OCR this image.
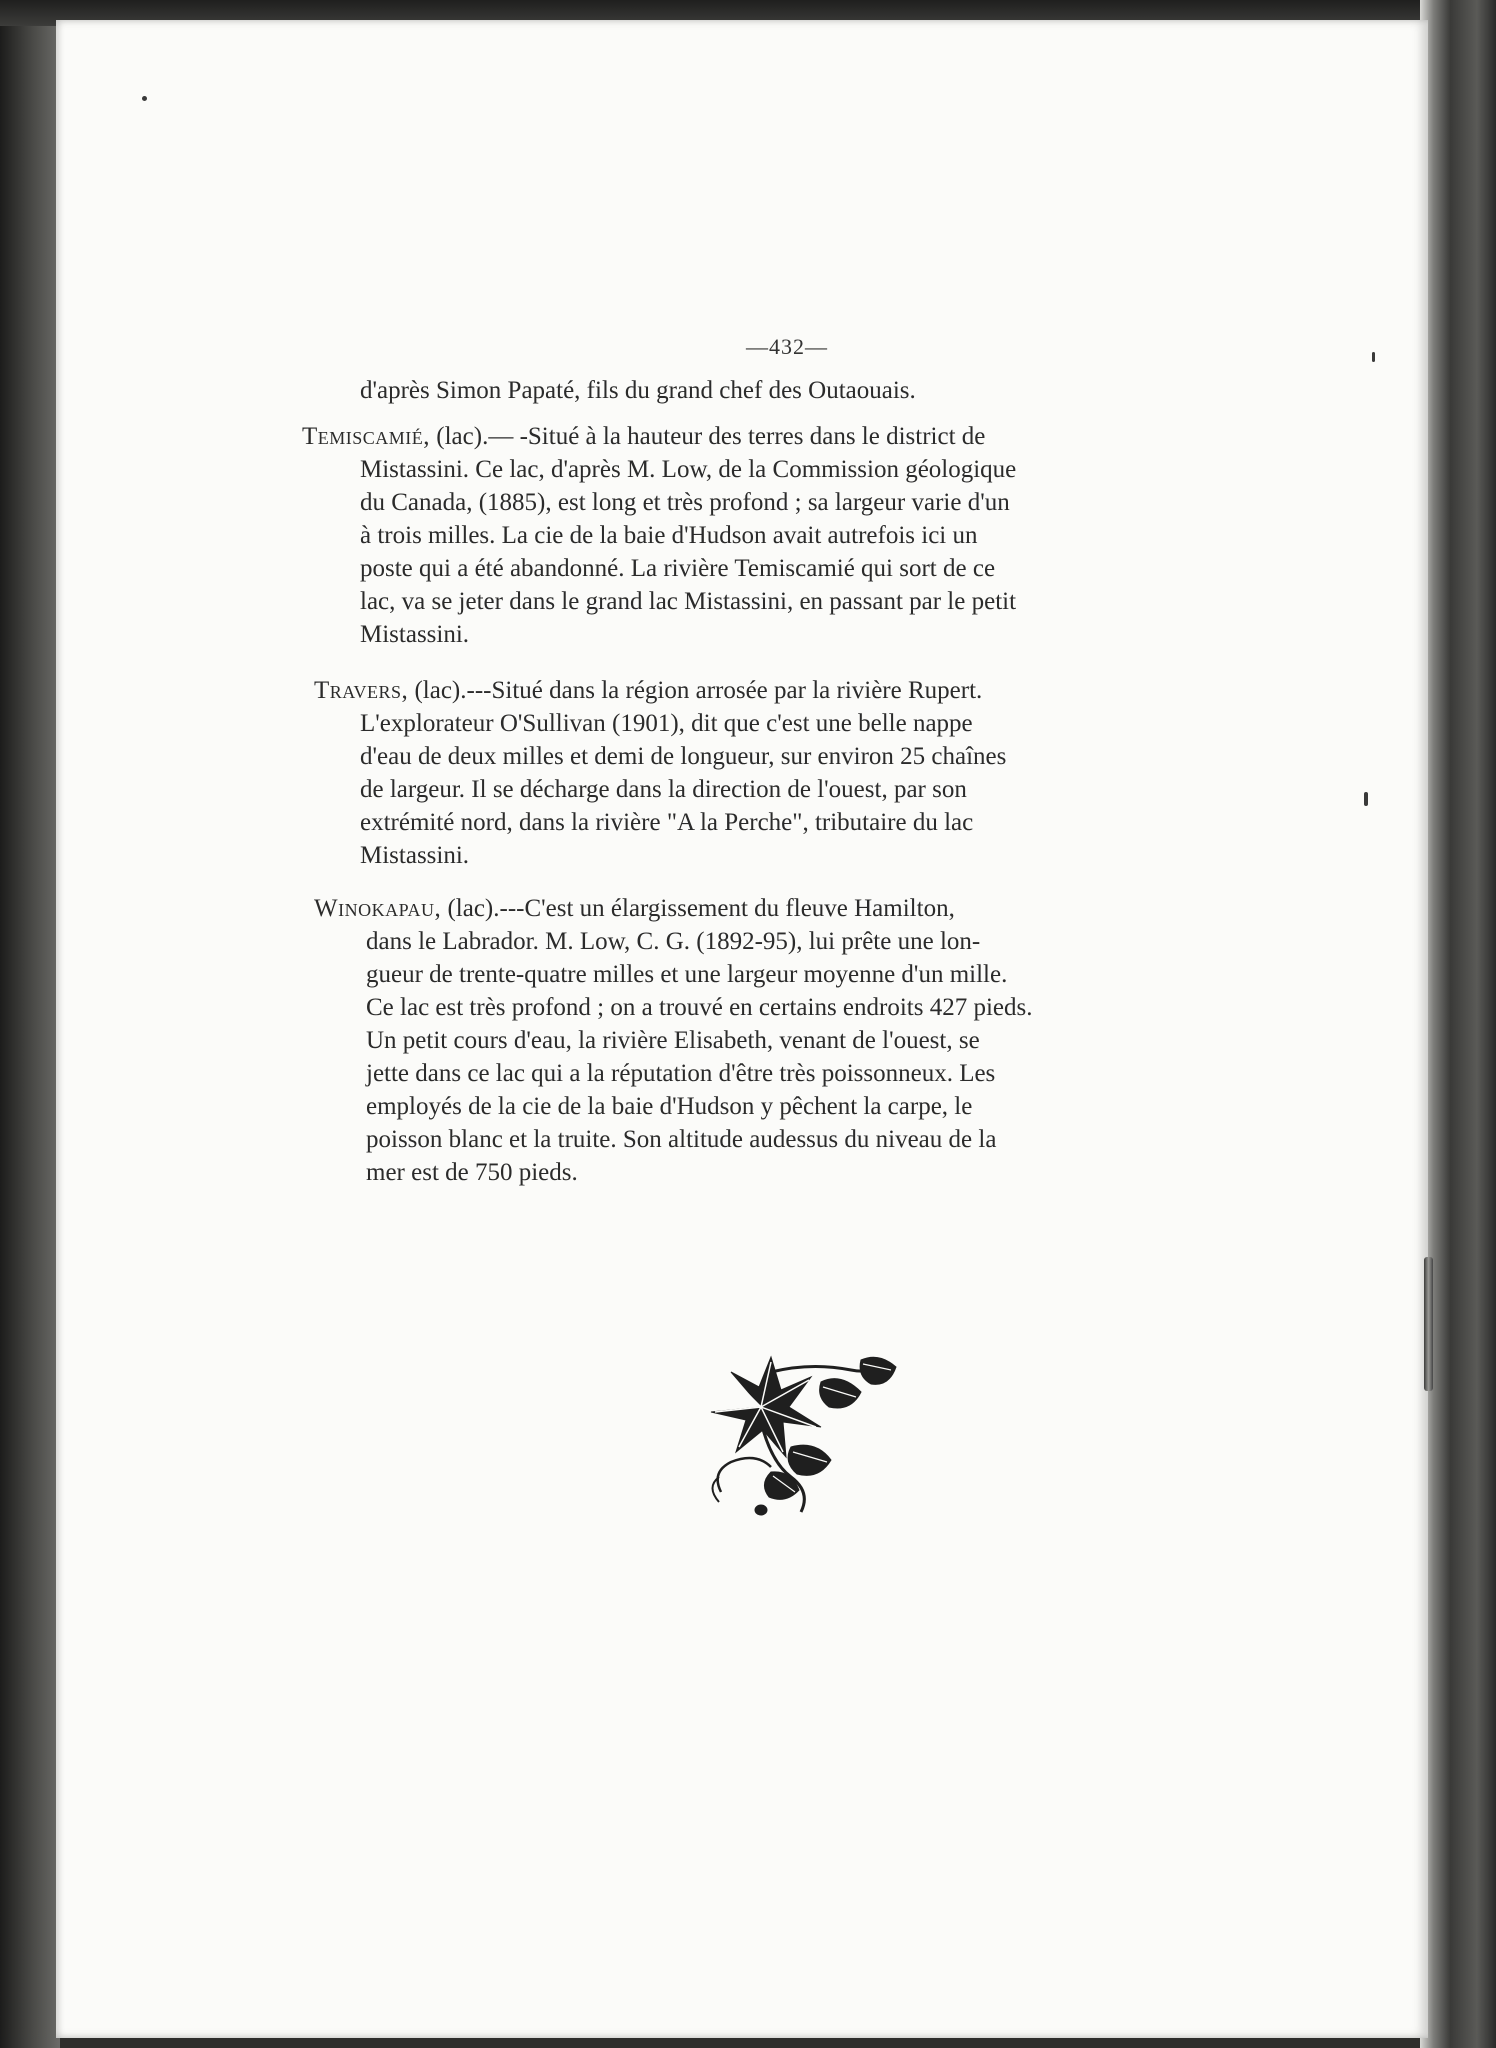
—432—
d'après Simon Papaté, fils du grand chef des Outaouais.
Temiscamié, (lac).— -Situé à la hauteur des terres dans le district de
Mistassini. Ce lac, d'après M. Low, de la Commission géologique
du Canada, (1885), est long et très profond ; sa largeur varie d'un
à trois milles. La cie de la baie d'Hudson avait autrefois ici un
poste qui a été abandonné. La rivière Temiscamié qui sort de ce
lac, va se jeter dans le grand lac Mistassini, en passant par le petit
Mistassini.
Travers, (lac).---Situé dans la région arrosée par la rivière Rupert.
L'explorateur O'Sullivan (1901), dit que c'est une belle nappe
d'eau de deux milles et demi de longueur, sur environ 25 chaînes
de largeur. Il se décharge dans la direction de l'ouest, par son
extrémité nord, dans la rivière "A la Perche", tributaire du lac
Mistassini.
Winokapau, (lac).---C'est un élargissement du fleuve Hamilton,
dans le Labrador. M. Low, C. G. (1892-95), lui prête une lon-
gueur de trente-quatre milles et une largeur moyenne d'un mille.
Ce lac est très profond ; on a trouvé en certains endroits 427 pieds.
Un petit cours d'eau, la rivière Elisabeth, venant de l'ouest, se
jette dans ce lac qui a la réputation d'être très poissonneux. Les
employés de la cie de la baie d'Hudson y pêchent la carpe, le
poisson blanc et la truite. Son altitude audessus du niveau de la
mer est de 750 pieds.
